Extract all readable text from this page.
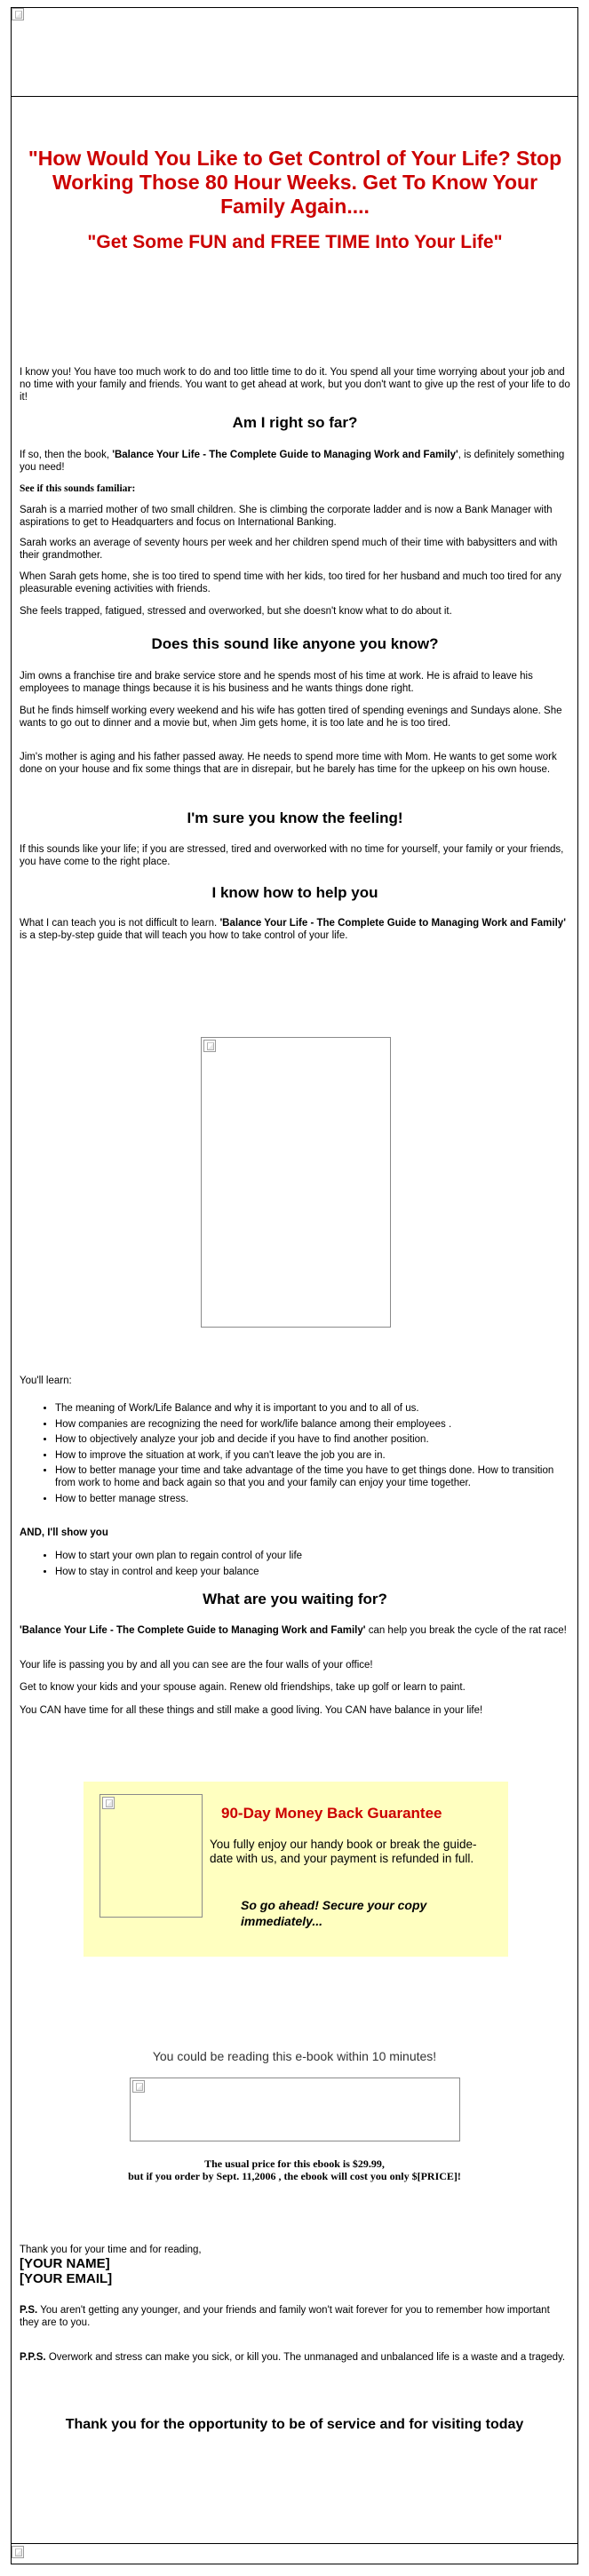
"How Would You Like to Get Control of Your Life? Stop Working Those 80 Hour Weeks. Get To Know Your Family Again....
"Get Some FUN and FREE TIME Into Your Life"

I know you! You have too much work to do and too little time to do it. You spend all your time worrying about your job and no time with your family and friends. You want to get ahead at work, but you don't want to give up the rest of your life to do it!

Am I right so far?

If so, then the book, 'Balance Your Life - The Complete Guide to Managing Work and Family', is definitely something you need!

See if this sounds familiar:

Sarah is a married mother of two small children. She is climbing the corporate ladder and is now a Bank Manager with aspirations to get to Headquarters and focus on International Banking.

Sarah works an average of seventy hours per week and her children spend much of their time with babysitters and with their grandmother.

When Sarah gets home, she is too tired to spend time with her kids, too tired for her husband and much too tired for any pleasurable evening activities with friends.

She feels trapped, fatigued, stressed and overworked, but she doesn't know what to do about it.

Does this sound like anyone you know?

Jim owns a franchise tire and brake service store and he spends most of his time at work. He is afraid to leave his employees to manage things because it is his business and he wants things done right.

But he finds himself working every weekend and his wife has gotten tired of spending evenings and Sundays alone. She wants to go out to dinner and a movie but, when Jim gets home, it is too late and he is too tired.

Jim's mother is aging and his father passed away. He needs to spend more time with Mom. He wants to get some work done on your house and fix some things that are in disrepair, but he barely has time for the upkeep on his own house.

I'm sure you know the feeling!

If this sounds like your life; if you are stressed, tired and overworked with no time for yourself, your family or your friends, you have come to the right place.

I know how to help you

What I can teach you is not difficult to learn. 'Balance Your Life - The Complete Guide to Managing Work and Family' is a step-by-step guide that will teach you how to take control of your life.

You'll learn:

• The meaning of Work/Life Balance and why it is important to you and to all of us.
• How companies are recognizing the need for work/life balance among their employees .
• How to objectively analyze your job and decide if you have to find another position.
• How to improve the situation at work, if you can't leave the job you are in.
• How to better manage your time and take advantage of the time you have to get things done. How to transition from work to home and back again so that you and your family can enjoy your time together.
• How to better manage stress.

AND, I'll show you

• How to start your own plan to regain control of your life
• How to stay in control and keep your balance
What are you waiting for?

'Balance Your Life - The Complete Guide to Managing Work and Family' can help you break the cycle of the rat race!

Your life is passing you by and all you can see are the four walls of your office!

Get to know your kids and your spouse again. Renew old friendships, take up golf or learn to paint.

You CAN have time for all these things and still make a good living. You CAN have balance in your life!

90-Day Money Back Guarantee
You fully enjoy our handy book or break the guide-date with us, and your payment is refunded in full.
So go ahead! Secure your copy immediately...
You could be reading this e-book within 10 minutes!
The usual price for this ebook is $29.99,
but if you order by Sept. 11,2006 , the ebook will cost you only $[PRICE]!

Thank you for your time and for reading,

[YOUR NAME]

[YOUR EMAIL]

P.S. You aren't getting any younger, and your friends and family won't wait forever for you to remember how important they are to you.

P.P.S. Overwork and stress can make you sick, or kill you. The unmanaged and unbalanced life is a waste and a tragedy.

Thank you for the opportunity to be of service and for visiting today
